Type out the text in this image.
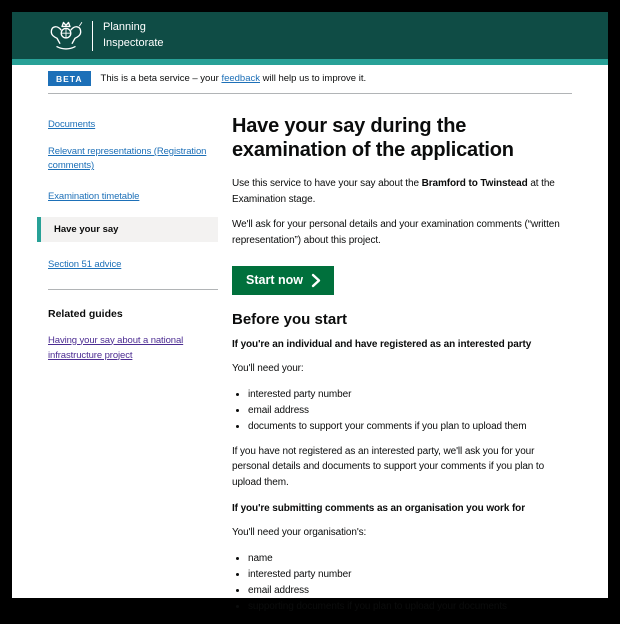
Planning
Inspectorate
BETA	This is a beta service – your feedback will help us to improve it.
Documents
Relevant representations (Registration comments)
Examination timetable
Have your say
Section 51 advice
Related guides
Having your say about a national infrastructure project
Have your say during the examination of the application

Use this service to have your say about the Bramford to Twinstead at the Examination stage.

We'll ask for your personal details and your examination comments (“written representation”) about this project.

Start now
Before you start
If you're an individual and have registered as an interested party

You'll need your:

• interested party number
• email address
• documents to support your comments if you plan to upload them

If you have not registered as an interested party, we'll ask you for your personal details and documents to support your comments if you plan to upload them.

If you're submitting comments as an organisation you work for

You'll need your organisation's:

• name
• interested party number
• email address
• supporting documents if you plan to upload your documents
